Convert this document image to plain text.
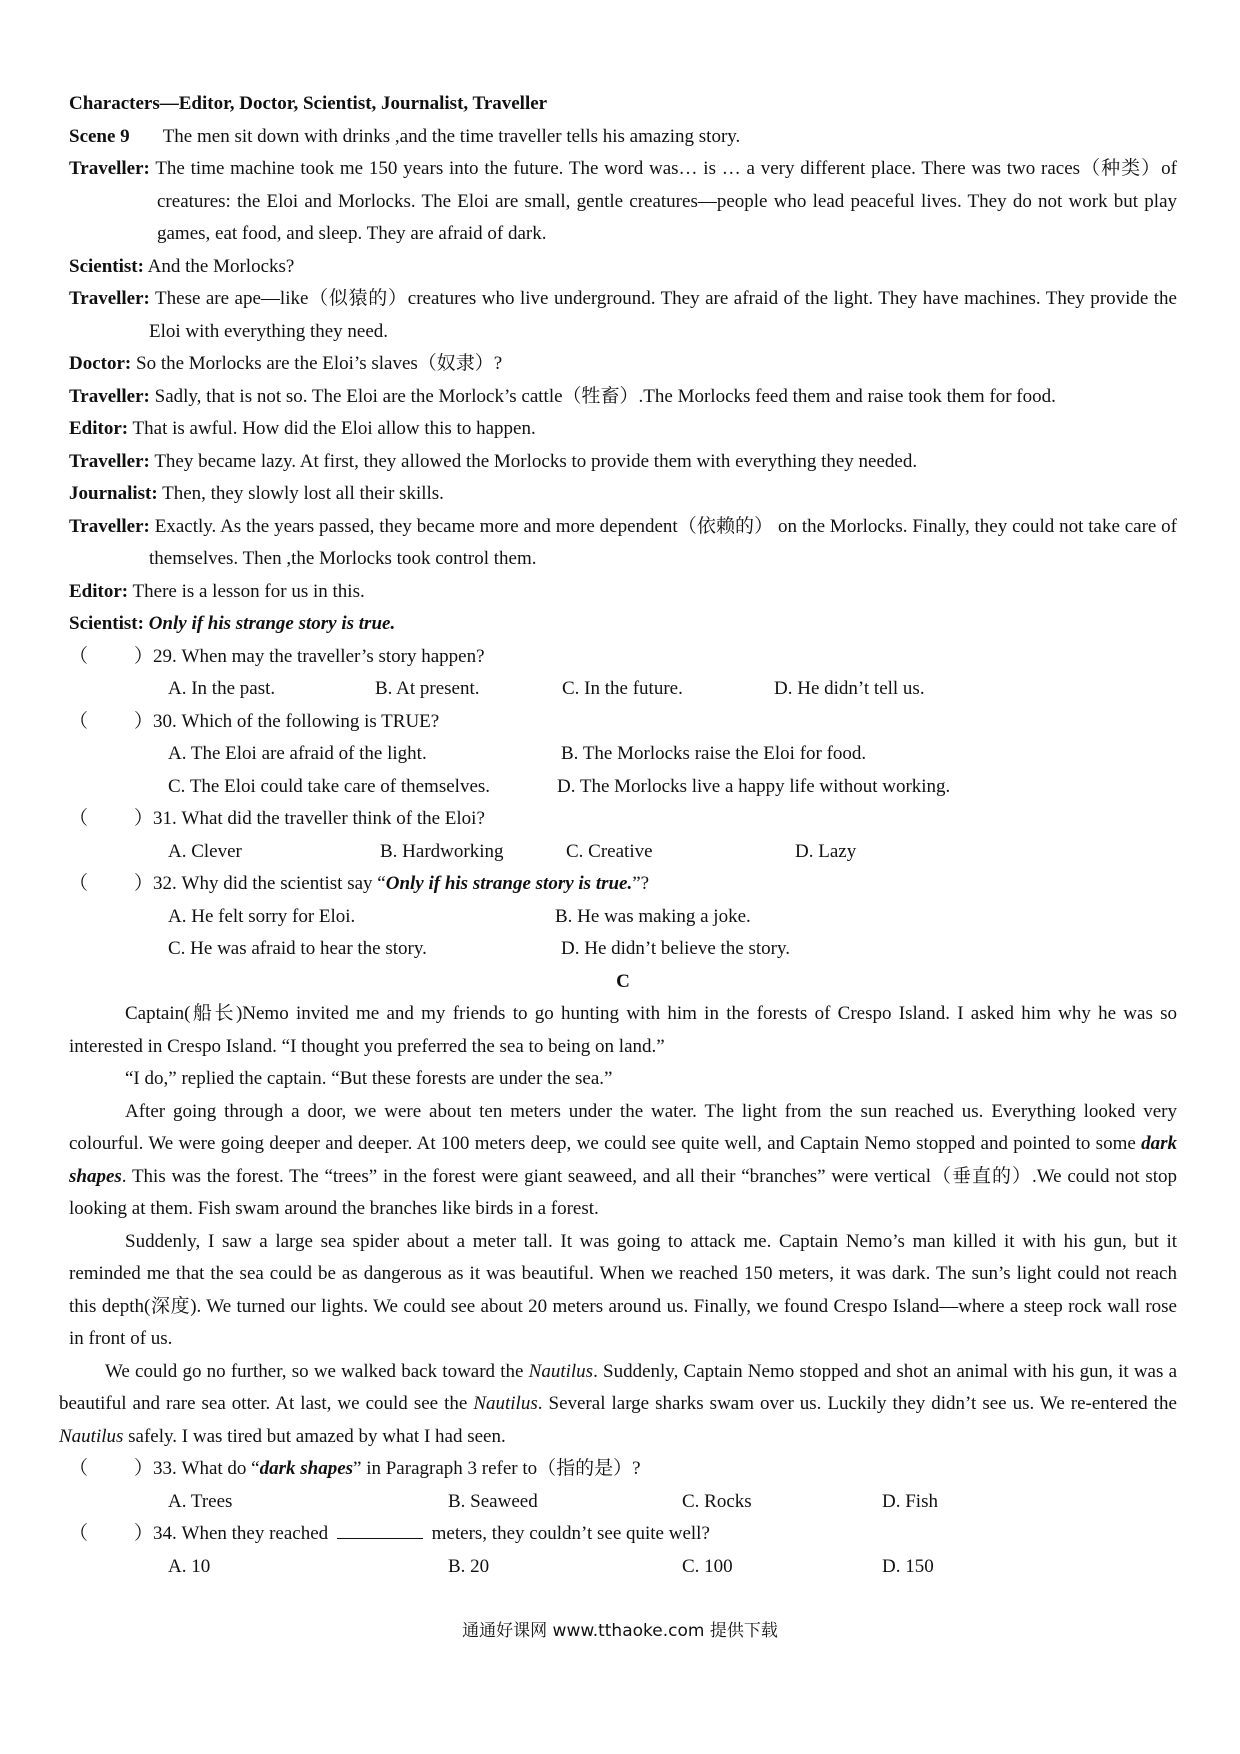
Characters—Editor, Doctor, Scientist, Journalist, Traveller
Scene 9 The men sit down with drinks ,and the time traveller tells his amazing story.
Traveller: The time machine took me 150 years into the future. The word was… is … a very different place. There was two races（种类）of creatures: the Eloi and Morlocks. The Eloi are small, gentle creatures—people who lead peaceful lives. They do not work but play games, eat food, and sleep. They are afraid of dark.
Scientist: And the Morlocks?
Traveller: These are ape—like（似猿的）creatures who live underground. They are afraid of the light. They have machines. They provide the Eloi with everything they need.
Doctor: So the Morlocks are the Eloi’s slaves（奴隶）?
Traveller: Sadly, that is not so. The Eloi are the Morlock’s cattle（牲畜）.The Morlocks feed them and raise took them for food.
Editor: That is awful. How did the Eloi allow this to happen.
Traveller: They became lazy. At first, they allowed the Morlocks to provide them with everything they needed.
Journalist: Then, they slowly lost all their skills.
Traveller: Exactly. As the years passed, they became more and more dependent（依赖的） on the Morlocks. Finally, they could not take care of themselves. Then ,the Morlocks took control them.
Editor: There is a lesson for us in this.
Scientist: Only if his strange story is true.
（ ） 29.
When may the traveller’s story happen?
A. In the past.	B. At present.	C. In the future.	D. He didn’t tell us.
（ ） 30.
Which of the following is TRUE?
A. The Eloi are afraid of the light.	B. The Morlocks raise the Eloi for food.
C. The Eloi could take care of themselves.	D. The Morlocks live a happy life without working.
（ ） 31.
What did the traveller think of the Eloi?
A. Clever	B. Hardworking	C. Creative	D. Lazy
（ ） 32.
Why did the scientist say “Only if his strange story is true.”?
A. He felt sorry for Eloi.	B. He was making a joke.
C. He was afraid to hear the story.	D. He didn’t believe the story.
C
Captain(船长)Nemo invited me and my friends to go hunting with him in the forests of Crespo Island. I asked him why he was so interested in Crespo Island. “I thought you preferred the sea to being on land.”
“I do,” replied the captain. “But these forests are under the sea.”
After going through a door, we were about ten meters under the water. The light from the sun reached us. Everything looked very colourful. We were going deeper and deeper. At 100 meters deep, we could see quite well, and Captain Nemo stopped and pointed to some dark shapes. This was the forest. The “trees” in the forest were giant seaweed, and all their “branches” were vertical（垂直的）.We could not stop looking at them. Fish swam around the branches like birds in a forest.
Suddenly, I saw a large sea spider about a meter tall. It was going to attack me. Captain Nemo’s man killed it with his gun, but it reminded me that the sea could be as dangerous as it was beautiful. When we reached 150 meters, it was dark. The sun’s light could not reach this depth(深度). We turned our lights. We could see about 20 meters around us. Finally, we found Crespo Island—where a steep rock wall rose in front of us.
We could go no further, so we walked back toward the Nautilus. Suddenly, Captain Nemo stopped and shot an animal with his gun, it was a beautiful and rare sea otter. At last, we could see the Nautilus. Several large sharks swam over us. Luckily they didn’t see us. We re-entered the Nautilus safely. I was tired but amazed by what I had seen.
（ ） 33.
What do “dark shapes” in Paragraph 3 refer to（指的是）?
A. Trees	B. Seaweed	C. Rocks	D. Fish
（ ） 34.
When they reached	meters, they couldn’t see quite well?
A. 10	B. 20	C. 100	D. 150
通通好课网 www.tthaoke.com 提供下载
